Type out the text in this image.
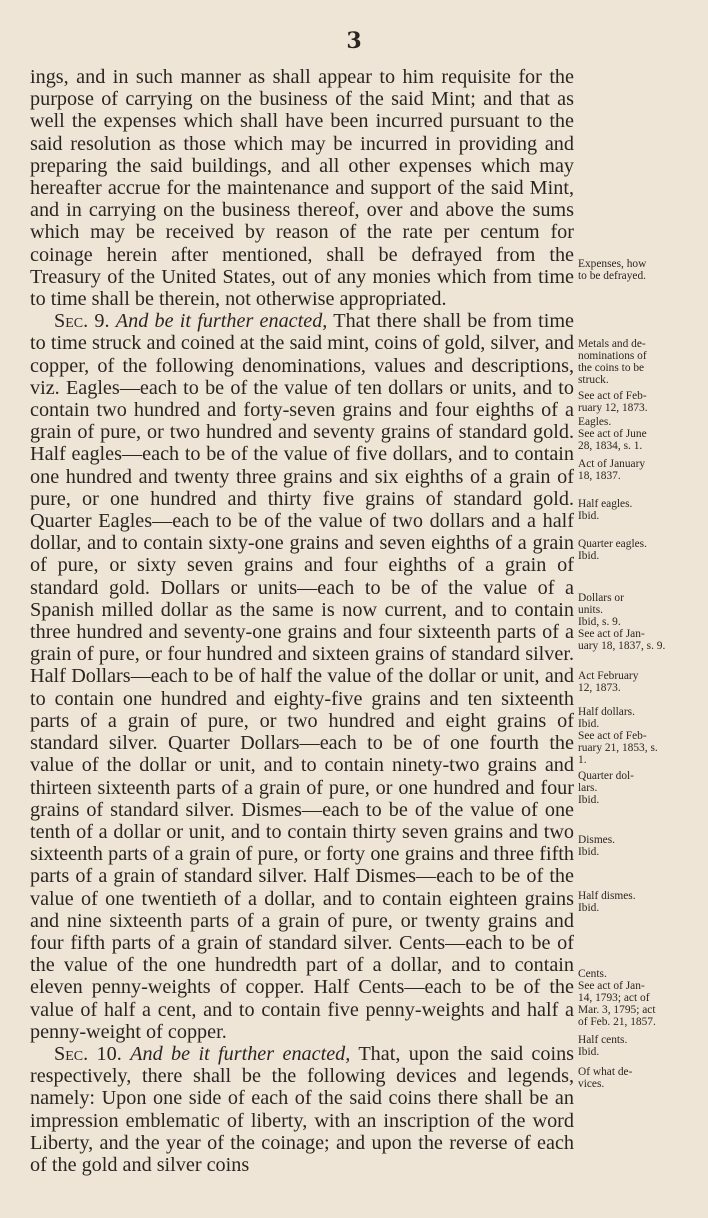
3

ings, and in such manner as shall appear to him requisite for the purpose of carrying on the business of the said Mint; and that as well the expenses which shall have been incurred pursuant to the said resolution as those which may be incurred in providing and preparing the said buildings, and all other expenses which may hereafter accrue for the maintenance and support of the said Mint, and in carrying on the business thereof, over and above the sums which may be received by reason of the rate per centum for coinage herein after mentioned, shall be defrayed from the Treasury of the United States, out of any monies which from time to time shall be therein, not otherwise appropriated.

Sec. 9. And be it further enacted, That there shall be from time to time struck and coined at the said mint, coins of gold, silver, and copper, of the following denominations, values and descriptions, viz. Eagles—each to be of the value of ten dollars or units, and to contain two hundred and forty-seven grains and four eighths of a grain of pure, or two hundred and seventy grains of standard gold. Half eagles—each to be of the value of five dollars, and to contain one hundred and twenty three grains and six eighths of a grain of pure, or one hundred and thirty five grains of standard gold. Quarter Eagles—each to be of the value of two dollars and a half dollar, and to contain sixty-one grains and seven eighths of a grain of pure, or sixty seven grains and four eighths of a grain of standard gold. Dollars or units—each to be of the value of a Spanish milled dollar as the same is now current, and to contain three hundred and seventy-one grains and four sixteenth parts of a grain of pure, or four hundred and sixteen grains of standard silver. Half Dollars—each to be of half the value of the dollar or unit, and to contain one hundred and eighty-five grains and ten sixteenth parts of a grain of pure, or two hundred and eight grains of standard silver. Quarter Dollars—each to be of one fourth the value of the dollar or unit, and to contain ninety-two grains and thirteen sixteenth parts of a grain of pure, or one hundred and four grains of standard silver. Dismes—each to be of the value of one tenth of a dollar or unit, and to contain thirty seven grains and two sixteenth parts of a grain of pure, or forty one grains and three fifth parts of a grain of standard silver. Half Dismes—each to be of the value of one twentieth of a dollar, and to contain eighteen grains and nine sixteenth parts of a grain of pure, or twenty grains and four fifth parts of a grain of standard silver. Cents—each to be of the value of the one hundredth part of a dollar, and to contain eleven penny-weights of copper. Half Cents—each to be of the value of half a cent, and to contain five penny-weights and half a penny-weight of copper.

Sec. 10. And be it further enacted, That, upon the said coins respectively, there shall be the following devices and legends, namely: Upon one side of each of the said coins there shall be an impression emblematic of liberty, with an inscription of the word Liberty, and the year of the coinage; and upon the reverse of each of the gold and silver coins

Expenses, how
to be defrayed.
Metals and de-
nominations of
the coins to be
struck.
See act of Feb-
ruary 12, 1873.
Eagles.
See act of June
28, 1834, s. 1.
Act of January
18, 1837.
Half eagles.
Ibid.
Quarter eagles.
Ibid.
Dollars or
units.
Ibid, s. 9.
See act of Jan-
uary 18, 1837, s. 9.
Act February
12, 1873.
Half dollars.
Ibid.
See act of Feb-
ruary 21, 1853, s.
1.
Quarter dol-
lars.
Ibid.
Dismes.
Ibid.
Half dismes.
Ibid.
Cents.
See act of Jan-
14, 1793; act of
Mar. 3, 1795; act
of Feb. 21, 1857.
Half cents.
Ibid.
Of what de-
vices.
